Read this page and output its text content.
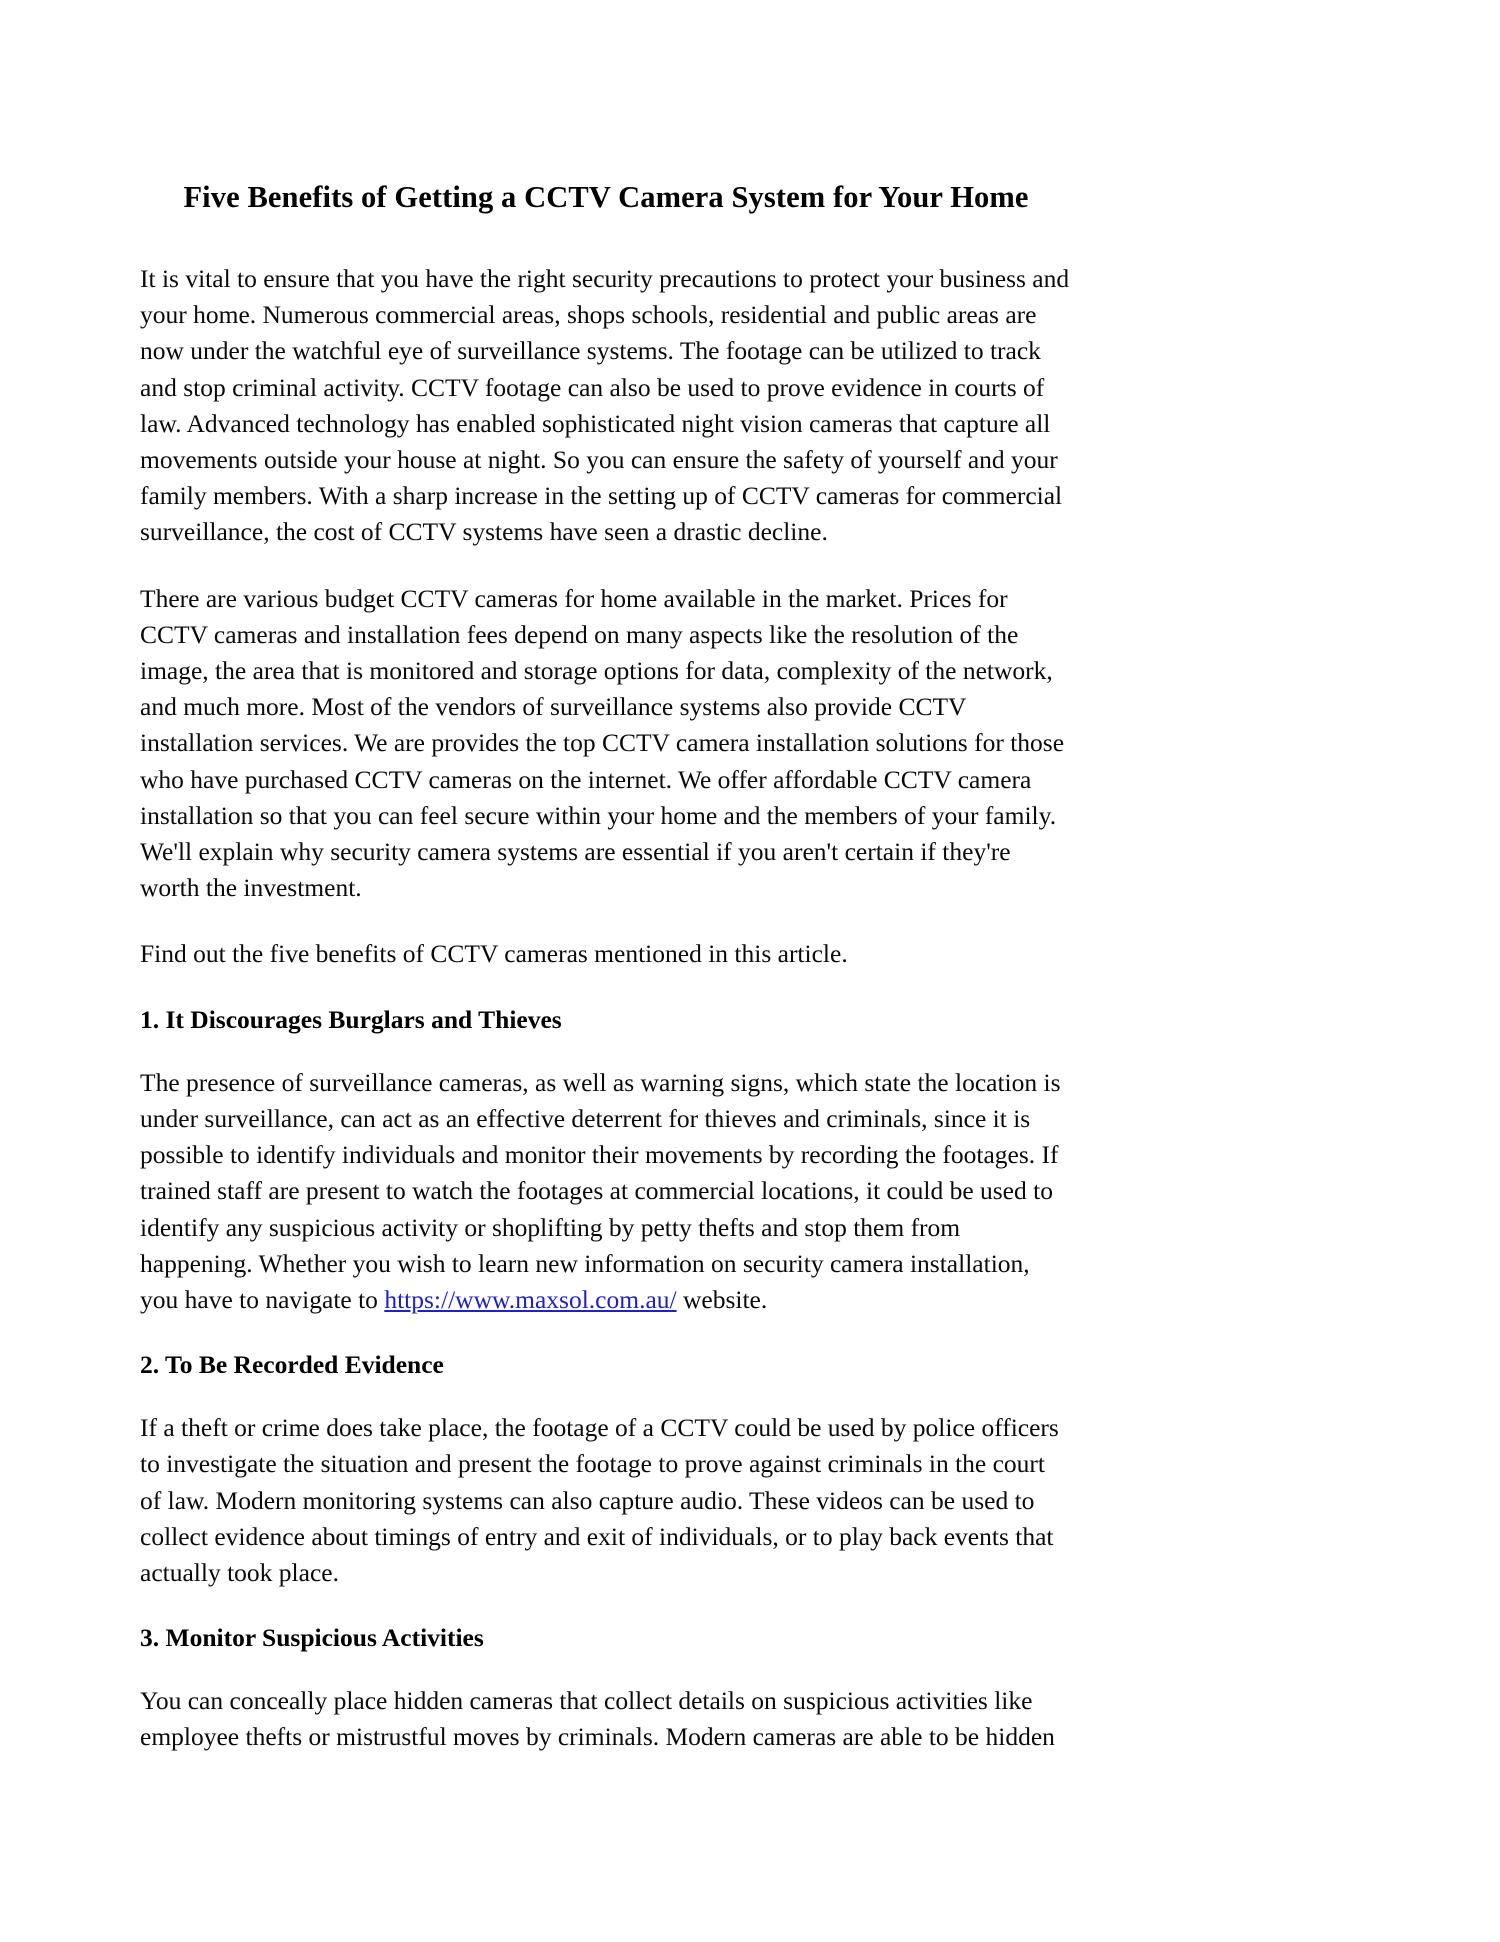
Five Benefits of Getting a CCTV Camera System for Your Home

It is vital to ensure that you have the right security precautions to protect your business and your home. Numerous commercial areas, shops schools, residential and public areas are now under the watchful eye of surveillance systems. The footage can be utilized to track and stop criminal activity. CCTV footage can also be used to prove evidence in courts of law. Advanced technology has enabled sophisticated night vision cameras that capture all movements outside your house at night. So you can ensure the safety of yourself and your family members. With a sharp increase in the setting up of CCTV cameras for commercial surveillance, the cost of CCTV systems have seen a drastic decline.

There are various budget CCTV cameras for home available in the market. Prices for CCTV cameras and installation fees depend on many aspects like the resolution of the image, the area that is monitored and storage options for data, complexity of the network, and much more. Most of the vendors of surveillance systems also provide CCTV installation services. We are provides the top CCTV camera installation solutions for those who have purchased CCTV cameras on the internet. We offer affordable CCTV camera installation so that you can feel secure within your home and the members of your family. We'll explain why security camera systems are essential if you aren't certain if they're worth the investment.

Find out the five benefits of CCTV cameras mentioned in this article.

1. It Discourages Burglars and Thieves

The presence of surveillance cameras, as well as warning signs, which state the location is under surveillance, can act as an effective deterrent for thieves and criminals, since it is possible to identify individuals and monitor their movements by recording the footages. If trained staff are present to watch the footages at commercial locations, it could be used to identify any suspicious activity or shoplifting by petty thefts and stop them from happening. Whether you wish to learn new information on security camera installation, you have to navigate to https://www.maxsol.com.au/ website.

2. To Be Recorded Evidence

If a theft or crime does take place, the footage of a CCTV could be used by police officers to investigate the situation and present the footage to prove against criminals in the court of law. Modern monitoring systems can also capture audio. These videos can be used to collect evidence about timings of entry and exit of individuals, or to play back events that actually took place.

3. Monitor Suspicious Activities

You can conceally place hidden cameras that collect details on suspicious activities like employee thefts or mistrustful moves by criminals. Modern cameras are able to be hidden
